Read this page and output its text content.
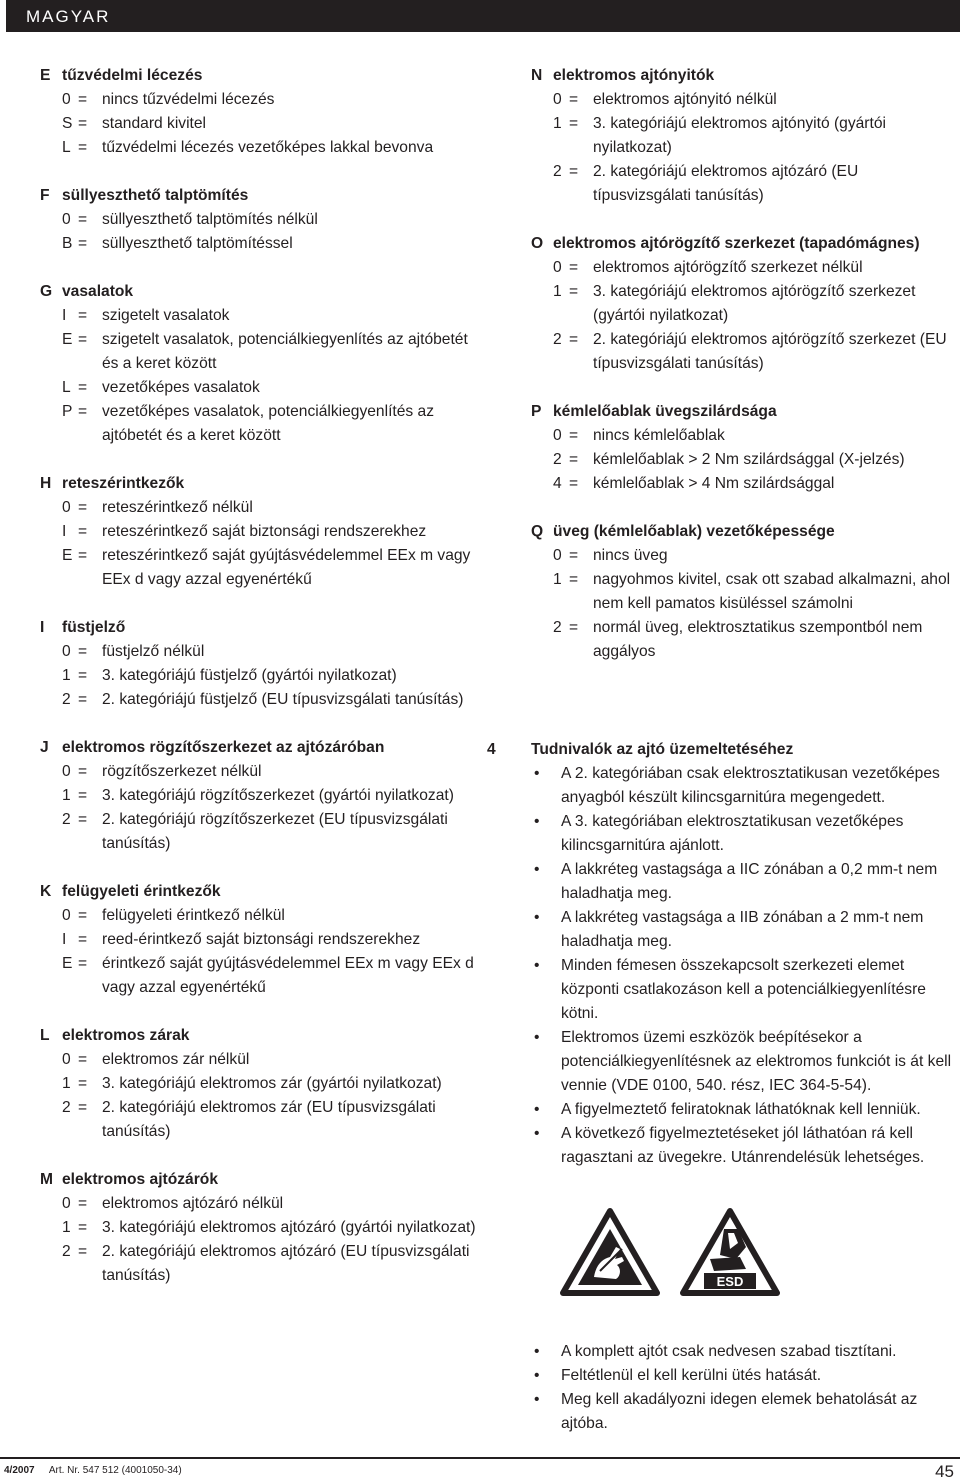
MAGYAR
E tűzvédelmi lécezés
0 = nincs tűzvédelmi lécezés
S = standard kivitel
L = tűzvédelmi lécezés vezetőképes lakkal bevonva
F süllyeszthető talptömítés
0 = süllyeszthető talptömítés nélkül
B = süllyeszthető talptömítéssel
G vasalatok
I = szigetelt vasalatok
E = szigetelt vasalatok, potenciálkiegyenlítés az ajtóbetét és a keret között
L = vezetőképes vasalatok
P = vezetőképes vasalatok, potenciálkiegyenlítés az ajtóbetét és a keret között
H reteszérintkezők
0 = reteszérintkező nélkül
I = reteszérintkező saját biztonsági rendszerekhez
E = reteszérintkező saját gyújtásvédelemmel EEx m vagy EEx d vagy azzal egyenértékű
I	füstjelző
0 = füstjelző nélkül
1 = 3. kategóriájú füstjelző (gyártói nyilatkozat)
2 = 2. kategóriájú füstjelző (EU típusvizsgálati tanúsítás)
J elektromos rögzítőszerkezet az ajtózáróban
0 = rögzítőszerkezet nélkül
1 = 3. kategóriájú rögzítőszerkezet (gyártói nyilatkozat)
2 = 2. kategóriájú rögzítőszerkezet (EU típusvizsgálati tanúsítás)
K felügyeleti érintkezők
0 = felügyeleti érintkező nélkül
I = reed-érintkező saját biztonsági rendszerekhez
E = érintkező saját gyújtásvédelemmel EEx m vagy EEx d vagy azzal egyenértékű
L elektromos zárak
0 = elektromos zár nélkül
1 = 3. kategóriájú elektromos zár (gyártói nyilatkozat)
2 = 2. kategóriájú elektromos zár (EU típusvizsgálati tanúsítás)
M elektromos ajtózárók
0 = elektromos ajtózáró nélkül
1 = 3. kategóriájú elektromos ajtózáró (gyártói nyilatkozat)
2 = 2. kategóriájú elektromos ajtózáró (EU típusvizsgálati tanúsítás)
N elektromos ajtónyitók
0 = elektromos ajtónyitó nélkül
1 = 3. kategóriájú elektromos ajtónyitó (gyártói nyilatkozat)
2 = 2. kategóriájú elektromos ajtózáró (EU típusvizsgálati tanúsítás)
O elektromos ajtórögzítő szerkezet (tapadómágnes)
0 = elektromos ajtórögzítő szerkezet nélkül
1 = 3. kategóriájú elektromos ajtórögzítő szerkezet (gyártói nyilatkozat)
2 = 2. kategóriájú elektromos ajtórögzítő szerkezet (EU típusvizsgálati tanúsítás)
P kémlelőablak üvegszilárdsága
0 = nincs kémlelőablak
2 = kémlelőablak > 2 Nm szilárdsággal (X-jelzés)
4 = kémlelőablak > 4 Nm szilárdsággal
Q üveg (kémlelőablak) vezetőképessége
0 = nincs üveg
1 = nagyohmos kivitel, csak ott szabad alkalmazni, ahol nem kell pamatos kisüléssel számolni
2 = normál üveg, elektrosztatikus szempontból nem aggályos
4	Tudnivalók az ajtó üzemeltetéséhez
•	A 2. kategóriában csak elektrosztatikusan vezetőképes anyagból készült kilincsgarnitúra megengedett.
•	A 3. kategóriában elektrosztatikusan vezetőképes kilincsgarnitúra ajánlott.
•	A lakkréteg vastagsága a IIC zónában a 0,2 mm-t nem haladhatja meg.
•	A lakkréteg vastagsága a IIB zónában a 2 mm-t nem haladhatja meg.
•	Minden fémesen összekapcsolt szerkezeti elemet központi csatlakozáson kell a potenciálkiegyenlítésre kötni.
•	Elektromos üzemi eszközök beépítésekor a potenciálkiegyenlítésnek az elektromos funkciót is át kell vennie (VDE 0100, 540. rész, IEC 364-5-54).
•	A figyelmeztető feliratoknak láthatóknak kell lenniük.
•	A következő figyelmeztetéseket jól láthatóan rá kell ragasztani az üvegekre. Utánrendelésük lehetséges.
ESD
•	A komplett ajtót csak nedvesen szabad tisztítani.
•	Feltétlenül el kell kerülni ütés hatását.
•	Meg kell akadályozni idegen elemek behatolását az ajtóba.
4/2007 Art. Nr. 547 512 (4001050-34)	45
